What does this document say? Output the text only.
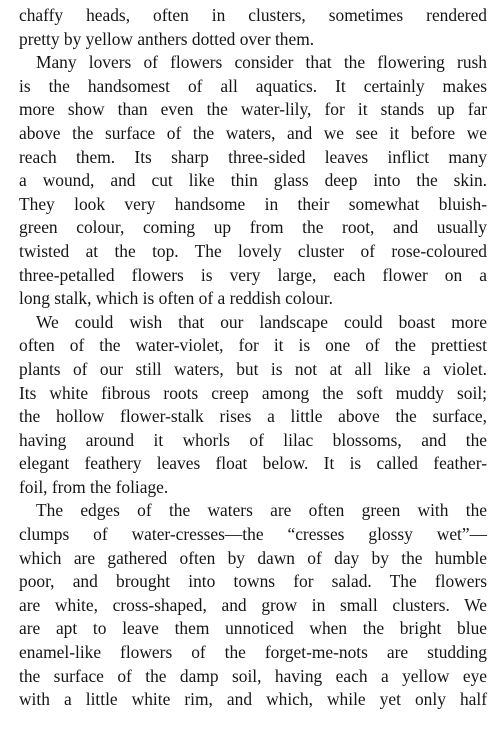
chaffy heads, often in clusters, sometimes rendered
pretty by yellow anthers dotted over them.
Many lovers of flowers consider that the flowering rush
is the handsomest of all aquatics. It certainly makes
more show than even the water-lily, for it stands up far
above the surface of the waters, and we see it before we
reach them. Its sharp three-sided leaves inflict many
a wound, and cut like thin glass deep into the skin.
They look very handsome in their somewhat bluish-
green colour, coming up from the root, and usually
twisted at the top. The lovely cluster of rose-coloured
three-petalled flowers is very large, each flower on a
long stalk, which is often of a reddish colour.
We could wish that our landscape could boast more
often of the water-violet, for it is one of the prettiest
plants of our still waters, but is not at all like a violet.
Its white fibrous roots creep among the soft muddy soil;
the hollow flower-stalk rises a little above the surface,
having around it whorls of lilac blossoms, and the
elegant feathery leaves float below. It is called feather-
foil, from the foliage.
The edges of the waters are often green with the
clumps of water-cresses—the “cresses glossy wet”—
which are gathered often by dawn of day by the humble
poor, and brought into towns for salad. The flowers
are white, cross-shaped, and grow in small clusters. We
are apt to leave them unnoticed when the bright blue
enamel-like flowers of the forget-me-nots are studding
the surface of the damp soil, having each a yellow eye
with a little white rim, and which, while yet only half
